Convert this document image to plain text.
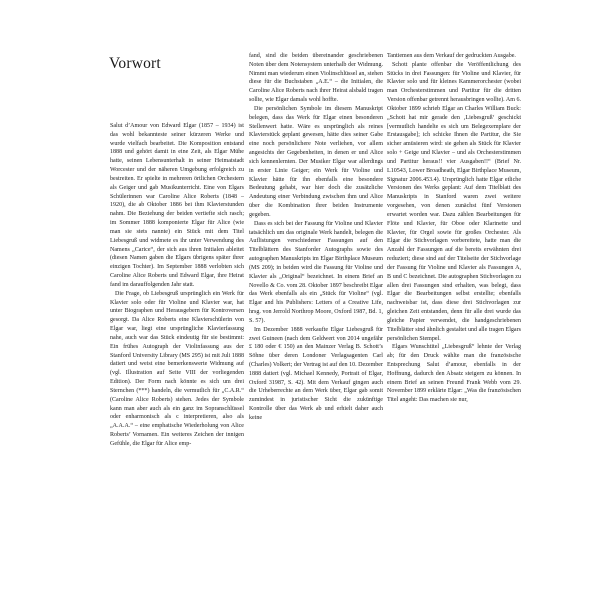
Vorwort

Salut d’Amour von Edward Elgar (1857 – 1934) ist das wohl bekannteste seiner kürzeren Werke und wurde vielfach bearbeitet. Die Komposition entstand 1888 und gehört damit in eine Zeit, als Elgar Mühe hatte, seinen Lebensunterhalt in seiner Heimatstadt Worcester und der näheren Umgebung erfolgreich zu bestreiten. Er spielte in mehreren örtlichen Orchestern als Geiger und gab Musikunterricht. Eine von Elgars Schülerinnen war Caroline Alice Roberts (1848 – 1920), die ab Oktober 1886 bei ihm Klavierstunden nahm. Die Beziehung der beiden vertiefte sich rasch; im Sommer 1888 komponierte Elgar für Alice (wie man sie stets nannte) ein Stück mit dem Titel Liebesgruß und widmete es ihr unter Verwendung des Namens „Carice“, der sich aus ihren Initialen ableitet (diesen Namen gaben die Elgars übrigens später ihrer einzigen Tochter). Im September 1888 verlobten sich Caroline Alice Roberts und Edward Elgar, ihre Heirat fand im darauffolgenden Jahr statt.

Die Frage, ob Liebesgruß ursprünglich ein Werk für Klavier solo oder für Violine und Klavier war, hat unter Biographen und Herausgebern für Kontroversen gesorgt. Da Alice Roberts eine Klavierschülerin von Elgar war, liegt eine ursprüngliche Klavierfassung nahe, auch war das Stück eindeutig für sie bestimmt: Ein frühes Autograph der Violinfassung aus der Stanford University Library (MS 295) ist mit Juli 1888 datiert und weist eine bemerkenswerte Widmung auf (vgl. Illustration auf Seite VIII der vorliegenden Edition). Der Form nach könnte es sich um drei Sternchen (***) handeln, die vermutlich für „C.A.R.“ (Caroline Alice Roberts) stehen. Jedes der Symbole kann man aber auch als ein ganz im Sopranschlüssel oder enharmonisch als c interpretieren, also als „A.A.A.“ – eine emphatische Wiederholung von Alice Roberts’ Vornamen. Ein weiteres Zeichen der innigen Gefühle, die Elgar für Alice emp-

fand, sind die beiden übereinander geschriebenen Noten über dem Notensystem unterhalb der Widmung. Nimmt man wiederum einen Violinschlüssel an, stehen diese für die Buchstaben „A.E.“ – die Initialen, die Caroline Alice Roberts nach ihrer Heirat alsbald tragen sollte, wie Elgar damals wohl hoffte.

Die persönlichen Symbole im diesem Manuskript belegen, dass das Werk für Elgar einen besonderen Stellenwert hatte. Wäre es ursprünglich als reines Klavierstück geplant gewesen, hätte dies seiner Gabe eine noch persönlichere Note verliehen, vor allem angesichts der Gegebenheiten, in denen er und Alice sich kennenlernten. Der Musiker Elgar war allerdings in erster Linie Geiger; ein Werk für Violine und Klavier hätte für ihn ebenfalls eine besondere Bedeutung gehabt, war hier doch die zusätzliche Andeutung einer Verbindung zwischen ihm und Alice über die Kombination ihrer beiden Instrumente gegeben.

Dass es sich bei der Fassung für Violine und Klavier tatsächlich um das originale Werk handelt, belegen die Auflistungen verschiedener Fassungen auf den Titelblättern des Stanforder Autographs sowie des autographen Manuskripts im Elgar Birthplace Museum (MS 209); in beiden wird die Fassung für Violine und Klavier als „Original“ bezeichnet. In einem Brief an Novello & Co. vom 28. Oktober 1897 beschreibt Elgar das Werk ebenfalls als ein „Stück für Violine“ (vgl. Elgar and his Publishers: Letters of a Creative Life, hrsg. von Jerrold Northrop Moore, Oxford 1987, Bd. 1, S. 57).

Im Dezember 1888 verkaufte Elgar Liebesgruß für zwei Guineen (nach dem Geldwert von 2014 ungefähr £ 180 oder € 150) an den Mainzer Verlag B. Schott’s Söhne über deren Londoner Verlagsagenten Carl (Charles) Volkert; der Vertrag ist auf den 10. Dezember 1888 datiert (vgl. Michael Kennedy, Portrait of Elgar, Oxford 31987, S. 42). Mit dem Verkauf gingen auch die Urheberrechte an dem Werk über, Elgar gab somit zumindest in juristischer Sicht die zukünftige Kontrolle über das Werk ab und erhielt daher auch keine

Tantiemen aus dem Verkauf der gedruckten Ausgabe.

Schott plante offenbar die Veröffentlichung des Stücks in drei Fassungen: für Violine und Klavier, für Klavier solo und für kleines Kammerorchester (wobei man Orchesterstimmen und Partitur für die dritten Version offenbar getrennt herausbringen wollte). Am 6. Oktober 1899 schrieb Elgar an Charles William Buck: „Schott hat mir gerade den ‚Liebesgruß‘ geschickt [vermutlich handelte es sich um Belegexemplare der Erstausgabe]; ich schicke Ihnen die Partitur, die Sie sicher amüsieren wird: sie gehen als Stück für Klavier solo + Geige und Klavier – und als Orchesterstimmen und Partitur heraus!! vier Ausgaben!!“ (Brief Nr. L10543, Lower Broadheath, Elgar Birthplace Museum, Signatur 2006.453.4). Ursprünglich hatte Elgar etliche Versionen des Werks geplant: Auf dem Titelblatt des Manuskripts in Stanford waren zwei weitere vorgesehen, von denen zunächst fünf Versionen erwartet worden war. Dazu zählen Bearbeitungen für Flöte und Klavier, für Oboe oder Klarinette und Klavier, für Orgel sowie für großes Orchester. Als Elgar die Stichvorlagen vorbereitete, hatte man die Anzahl der Fassungen auf die bereits erwähnten drei reduziert; diese sind auf der Titelseite der Stichvorlage der Fassung für Violine und Klavier als Fassungen A, B und C bezeichnet. Die autographen Stichvorlagen zu allen drei Fassungen sind erhalten, was belegt, dass Elgar die Bearbeitungen selbst erstellte; ebenfalls nachweisbar ist, dass diese drei Stichvorlagen zur gleichen Zeit entstanden, denn für alle drei wurde das gleiche Papier verwendet, die handgeschriebenen Titelblätter sind ähnlich gestaltet und alle tragen Elgars persönlichen Stempel.

Elgars Wunschtitel „Liebesgruß“ lehnte der Verlag ab; für den Druck wählte man die französische Entsprechung Salut d’amour, ebenfalls in der Hoffnung, dadurch den Absatz steigern zu können. In einem Brief an seinen Freund Frank Webb vom 29. November 1899 erklärte Elgar: „Was die französischen Titel angeht: Das machen sie nur,
